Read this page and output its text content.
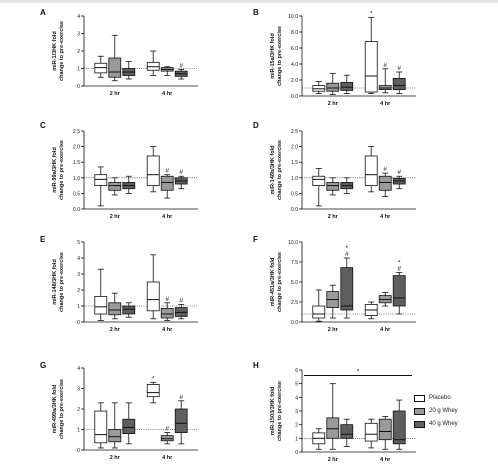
A
miR-1/3HK foldchange to pre-exercise
0
1
2
3
4
2 hr	4 hr
#
B
miR-15a/3HK foldchange to pre-exercise
0.0
2.0
4.0
6.0
8.0
10.0
2 hr	4 hr
*
# #
C
miR-99a/3HK foldchange to pre-exercise
0.0
0.5
1.0
1.5
2.0
2.5
2 hr	4 hr
# #
D
miR-148b/3HK foldchange to pre-exercise
0.0
0.5
1.0
1.5
2.0
2.5
2 hr	4 hr
# #
E
miR-148/3HK foldchange to pre-exercise
0
1
2
3
4
5
2 hr	4 hr
# #
F
miR-451a/3HK foldchange to pre-exercise
0.0
2.5
5.0
7.5
10.0
2 hr	4 hr
*
#
*
#
G
miR-499a/3HK foldchange to pre-exercise
0
1
2
3
4
2 hr	4 hr
*
#
#
H
miR-1503/3HK foldchange to pre-exercise
0
1
2
3
4
5
6
2 hr	4 hr
*
Placebo
20 g Whey
40 g Whey
